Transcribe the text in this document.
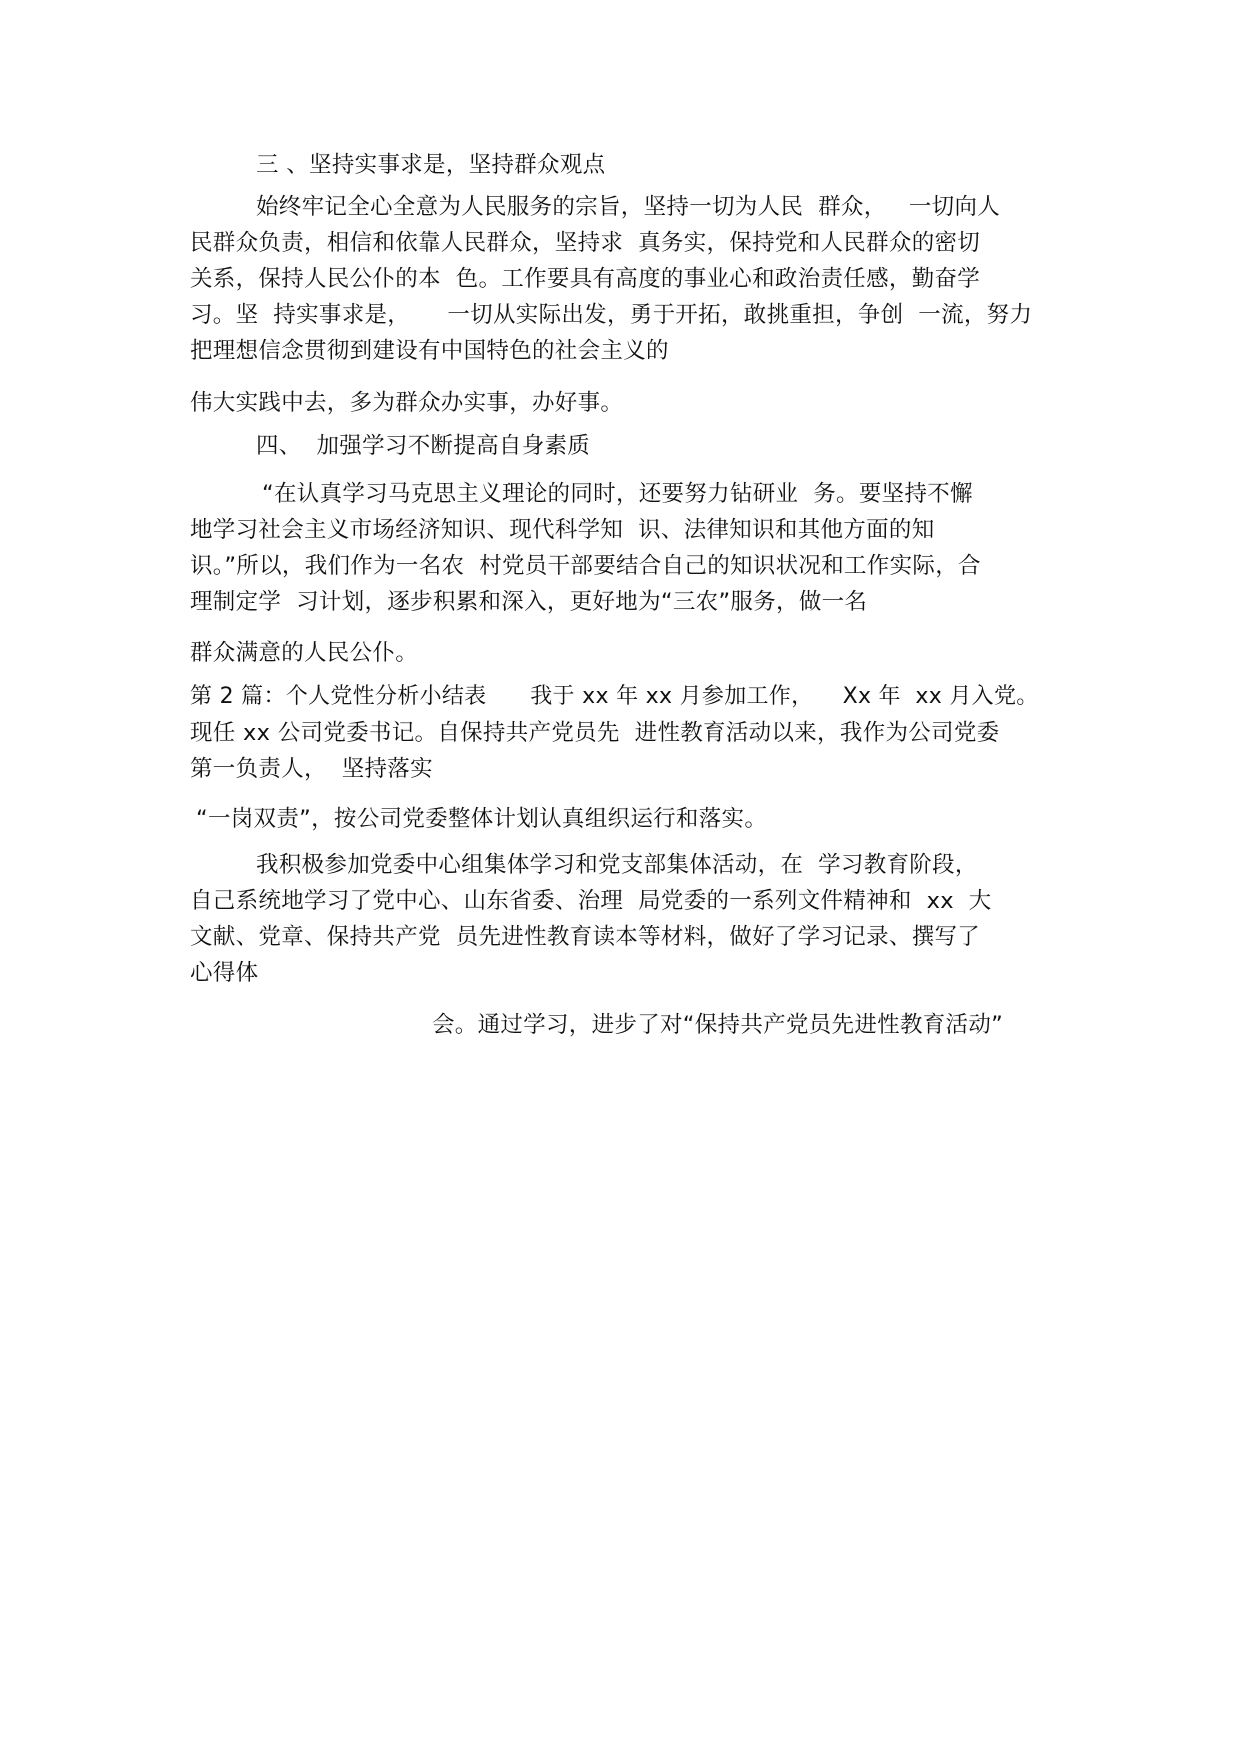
三 、坚持实事求是，坚持群众观点
始终牢记全心全意为人民服务的宗旨，坚持一切为人民  群众，   一切向人
民群众负责，相信和依靠人民群众，坚持求  真务实，保持党和人民群众的密切
关系，保持人民公仆的本  色。工作要具有高度的事业心和政治责任感，勤奋学
习。坚  持实事求是，     一切从实际出发，勇于开拓，敢挑重担，争创  一流，努力
把理想信念贯彻到建设有中国特色的社会主义的
伟大实践中去，多为群众办实事，办好事。
四、  加强学习不断提高自身素质
“在认真学习马克思主义理论的同时，还要努力钻研业  务。要坚持不懈
地学习社会主义市场经济知识、现代科学知  识、法律知识和其他方面的知
识。”所以，我们作为一名农  村党员干部要结合自己的知识状况和工作实际，合
理制定学  习计划，逐步积累和深入，更好地为“三农”服务，做一名
群众满意的人民公仆。
第 2 篇：个人党性分析小结表      我于 xx 年 xx 月参加工作，    Xx 年  xx 月入党。
现任 xx 公司党委书记。自保持共产党员先  进性教育活动以来，我作为公司党委
第一负责人，  坚持落实
“一岗双责”，按公司党委整体计划认真组织运行和落实。
我积极参加党委中心组集体学习和党支部集体活动，在  学习教育阶段，
自己系统地学习了党中心、山东省委、治理  局党委的一系列文件精神和  xx  大
文献、党章、保持共产党  员先进性教育读本等材料，做好了学习记录、撰写了
心得体
会。通过学习，进步了对“保持共产党员先进性教育活动”
